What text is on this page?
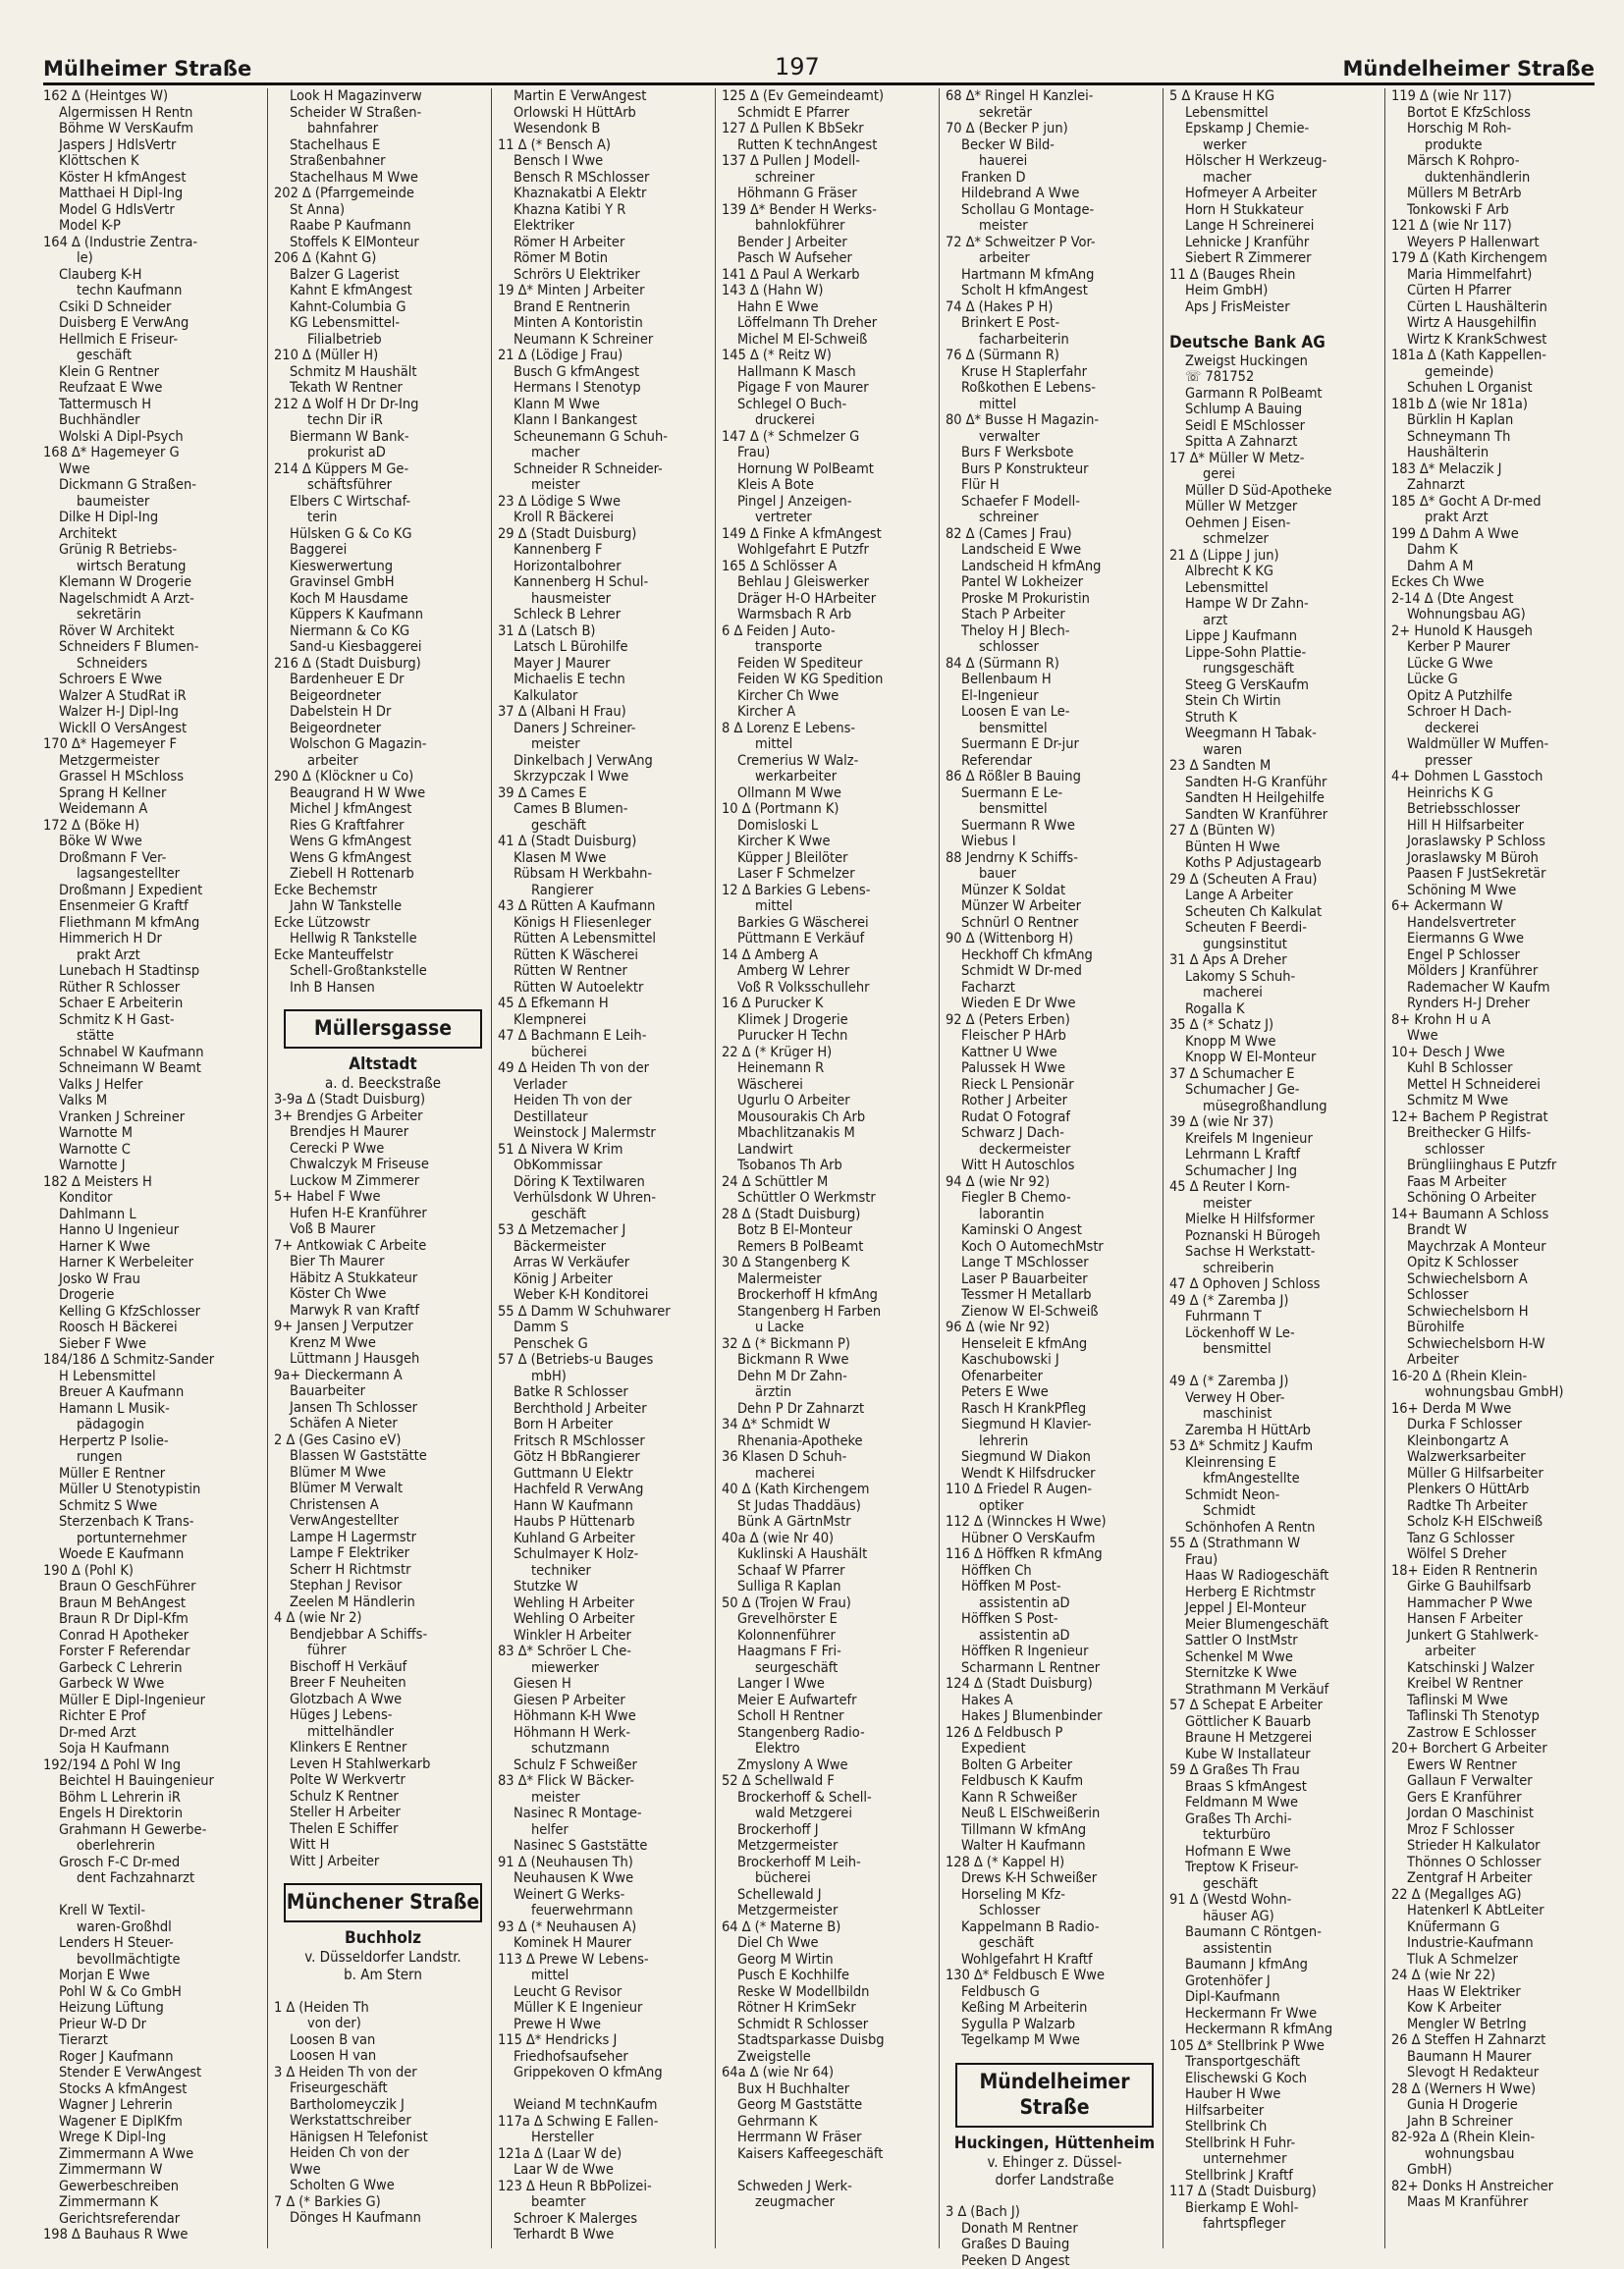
Mülheimer Straße	197	Mündelheimer Straße
162 ∆ (Heintges W)
Algermissen H Rentn
Böhme W VersKaufm
Jaspers J HdlsVertr
Klöttschen K
Köster H kfmAngest
Matthaei H Dipl-Ing
Model G HdlsVertr
Model K-P
164 ∆ (Industrie Zentra-
le)
Clauberg K-H
techn Kaufmann
Csiki D Schneider
Duisberg E VerwAng
Hellmich E Friseur-
geschäft
Klein G Rentner
Reufzaat E Wwe
Tattermusch H
Buchhändler
Wolski A Dipl-Psych
168 ∆* Hagemeyer G
Wwe
Dickmann G Straßen-
baumeister
Dilke H Dipl-Ing
Architekt
Grünig R Betriebs-
wirtsch Beratung
Klemann W Drogerie
Nagelschmidt A Arzt-
sekretärin
Röver W Architekt
Schneiders F Blumen-
Schneiders
Schroers E Wwe
Walzer A StudRat iR
Walzer H-J Dipl-Ing
Wickll O VersAngest
170 ∆* Hagemeyer F
Metzgermeister
Grassel H MSchloss
Sprang H Kellner
Weidemann A
172 ∆ (Böke H)
Böke W Wwe
Droßmann F Ver-
lagsangestellter
Droßmann J Expedient
Ensenmeier G Kraftf
Fliethmann M kfmAng
Himmerich H Dr
prakt Arzt
Lunebach H Stadtinsp
Rüther R Schlosser
Schaer E Arbeiterin
Schmitz K H Gast-
stätte
Schnabel W Kaufmann
Schneimann W Beamt
Valks J Helfer
Valks M
Vranken J Schreiner
Warnotte M
Warnotte C
Warnotte J
182 ∆ Meisters H
Konditor
Dahlmann L
Hanno U Ingenieur
Harner K Wwe
Harner K Werbeleiter
Josko W Frau
Drogerie
Kelling G KfzSchlosser
Roosch H Bäckerei
Sieber F Wwe
184/186 ∆ Schmitz-Sander
H Lebensmittel
Breuer A Kaufmann
Hamann L Musik-
pädagogin
Herpertz P Isolie-
rungen
Müller E Rentner
Müller U Stenotypistin
Schmitz S Wwe
Sterzenbach K Trans-
portunternehmer
Woede E Kaufmann
190 ∆ (Pohl K)
Braun O GeschFührer
Braun M BehAngest
Braun R Dr Dipl-Kfm
Conrad H Apotheker
Forster F Referendar
Garbeck C Lehrerin
Garbeck W Wwe
Müller E Dipl-Ingenieur
Richter E Prof
Dr-med Arzt
Soja H Kaufmann
192/194 ∆ Pohl W Ing
Beichtel H Bauingenieur
Böhm L Lehrerin iR
Engels H Direktorin
Grahmann H Gewerbe-
oberlehrerin
Grosch F-C Dr-med
dent Fachzahnarzt

Krell W Textil-
waren-Großhdl
Lenders H Steuer-
bevollmächtigte
Morjan E Wwe
Pohl W & Co GmbH
Heizung Lüftung
Prieur W-D Dr
Tierarzt
Roger J Kaufmann
Stender E VerwAngest
Stocks A kfmAngest
Wagner J Lehrerin
Wagener E DiplKfm
Wrege K Dipl-Ing
Zimmermann A Wwe
Zimmermann W
Gewerbeschreiben
Zimmermann K
Gerichtsreferendar
198 ∆ Bauhaus R Wwe
Look H Magazinverw
Scheider W Straßen-
bahnfahrer
Stachelhaus E
Straßenbahner
Stachelhaus M Wwe
202 ∆ (Pfarrgemeinde
St Anna)
Raabe P Kaufmann
Stoffels K ElMonteur
206 ∆ (Kahnt G)
Balzer G Lagerist
Kahnt E kfmAngest
Kahnt-Columbia G
KG Lebensmittel-
Filialbetrieb
210 ∆ (Müller H)
Schmitz M Haushält
Tekath W Rentner
212 ∆ Wolf H Dr Dr-Ing
techn Dir iR
Biermann W Bank-
prokurist aD
214 ∆ Küppers M Ge-
schäftsführer
Elbers C Wirtschaf-
terin
Hülsken G & Co KG
Baggerei
Kieswerwertung
Gravinsel GmbH
Koch M Hausdame
Küppers K Kaufmann
Niermann & Co KG
Sand-u Kiesbaggerei
216 ∆ (Stadt Duisburg)
Bardenheuer E Dr
Beigeordneter
Dabelstein H Dr
Beigeordneter
Wolschon G Magazin-
arbeiter
290 ∆ (Klöckner u Co)
Beaugrand H W Wwe
Michel J kfmAngest
Ries G Kraftfahrer
Wens G kfmAngest
Wens G kfmAngest
Ziebell H Rottenarb
Ecke Bechemstr
Jahn W Tankstelle
Ecke Lützowstr
Hellwig R Tankstelle
Ecke Manteuffelstr
Schell-Großtankstelle
Inh B Hansen
Müllersgasse
Altstadt
a. d. Beeckstraße
3-9a ∆ (Stadt Duisburg)
3+ Brendjes G Arbeiter
Brendjes H Maurer
Cerecki P Wwe
Chwalczyk M Friseuse
Luckow M Zimmerer
5+ Habel F Wwe
Hufen H-E Kranführer
Voß B Maurer
7+ Antkowiak C Arbeite
Bier Th Maurer
Häbitz A Stukkateur
Köster Ch Wwe
Marwyk R van Kraftf
9+ Jansen J Verputzer
Krenz M Wwe
Lüttmann J Hausgeh
9a+ Dieckermann A
Bauarbeiter
Jansen Th Schlosser
Schäfen A Nieter
2 ∆ (Ges Casino eV)
Blassen W Gaststätte
Blümer M Wwe
Blümer M Verwalt
Christensen A
VerwAngestellter
Lampe H Lagermstr
Lampe F Elektriker
Scherr H Richtmstr
Stephan J Revisor
Zeelen M Händlerin
4 ∆ (wie Nr 2)
Bendjebbar A Schiffs-
führer
Bischoff H Verkäuf
Breer F Neuheiten
Glotzbach A Wwe
Hüges J Lebens-
mittelhändler
Klinkers E Rentner
Leven H Stahlwerkarb
Polte W Werkvertr
Schulz K Rentner
Steller H Arbeiter
Thelen E Schiffer
Witt H
Witt J Arbeiter
Münchener Straße
Buchholz
v. Düsseldorfer Landstr.
b. Am Stern

1 ∆ (Heiden Th
von der)
Loosen B van
Loosen H van
3 ∆ Heiden Th von der
Friseurgeschäft
Bartholomeyczik J
Werkstattschreiber
Hänigsen H Telefonist
Heiden Ch von der
Wwe
Scholten G Wwe
7 ∆ (* Barkies G)
Dönges H Kaufmann
Martin E VerwAngest
Orlowski H HüttArb
Wesendonk B
11 ∆ (* Bensch A)
Bensch I Wwe
Bensch R MSchlosser
Khaznakatbi A Elektr
Khazna Katibi Y R
Elektriker
Römer H Arbeiter
Römer M Botin
Schrörs U Elektriker
19 ∆* Minten J Arbeiter
Brand E Rentnerin
Minten A Kontoristin
Neumann K Schreiner
21 ∆ (Lödige J Frau)
Busch G kfmAngest
Hermans I Stenotyp
Klann M Wwe
Klann I Bankangest
Scheunemann G Schuh-
macher
Schneider R Schneider-
meister
23 ∆ Lödige S Wwe
Kroll R Bäckerei
29 ∆ (Stadt Duisburg)
Kannenberg F
Horizontalbohrer
Kannenberg H Schul-
hausmeister
Schleck B Lehrer
31 ∆ (Latsch B)
Latsch L Bürohilfe
Mayer J Maurer
Michaelis E techn
Kalkulator
37 ∆ (Albani H Frau)
Daners J Schreiner-
meister
Dinkelbach J VerwAng
Skrzypczak I Wwe
39 ∆ Cames E
Cames B Blumen-
geschäft
41 ∆ (Stadt Duisburg)
Klasen M Wwe
Rübsam H Werkbahn-
Rangierer
43 ∆ Rütten A Kaufmann
Königs H Fliesenleger
Rütten A Lebensmittel
Rütten K Wäscherei
Rütten W Rentner
Rütten W Autoelektr
45 ∆ Efkemann H
Klempnerei
47 ∆ Bachmann E Leih-
bücherei
49 ∆ Heiden Th von der
Verlader
Heiden Th von der
Destillateur
Weinstock J Malermstr
51 ∆ Nivera W Krim
ObKommissar
Döring K Textilwaren
Verhülsdonk W Uhren-
geschäft
53 ∆ Metzemacher J
Bäckermeister
Arras W Verkäufer
König J Arbeiter
Weber K-H Konditorei
55 ∆ Damm W Schuhwarer
Damm S
Penschek G
57 ∆ (Betriebs-u Bauges
mbH)
Batke R Schlosser
Berchthold J Arbeiter
Born H Arbeiter
Fritsch R MSchlosser
Götz H BbRangierer
Guttmann U Elektr
Hachfeld R VerwAng
Hann W Kaufmann
Haubs P Hüttenarb
Kuhland G Arbeiter
Schulmayer K Holz-
techniker
Stutzke W
Wehling H Arbeiter
Wehling O Arbeiter
Winkler H Arbeiter
83 ∆* Schröer L Che-
miewerker
Giesen H
Giesen P Arbeiter
Höhmann K-H Wwe
Höhmann H Werk-
schutzmann
Schulz F Schweißer
83 ∆* Flick W Bäcker-
meister
Nasinec R Montage-
helfer
Nasinec S Gaststätte
91 ∆ (Neuhausen Th)
Neuhausen K Wwe
Weinert G Werks-
feuerwehrmann
93 ∆ (* Neuhausen A)
Kominek H Maurer
113 ∆ Prewe W Lebens-
mittel
Leucht G Revisor
Müller K E Ingenieur
Prewe H Wwe
115 ∆* Hendricks J
Friedhofsaufseher
Grippekoven O kfmAng

Weiand M technKaufm
117a ∆ Schwing E Fallen-
Hersteller
121a ∆ (Laar W de)
Laar W de Wwe
123 ∆ Heun R BbPolizei-
beamter
Schroer K Malerges
Terhardt B Wwe
125 ∆ (Ev Gemeindeamt)
Schmidt E Pfarrer
127 ∆ Pullen K BbSekr
Rutten K technAngest
137 ∆ Pullen J Modell-
schreiner
Höhmann G Fräser
139 ∆* Bender H Werks-
bahnlokführer
Bender J Arbeiter
Pasch W Aufseher
141 ∆ Paul A Werkarb
143 ∆ (Hahn W)
Hahn E Wwe
Löffelmann Th Dreher
Michel M El-Schweiß
145 ∆ (* Reitz W)
Hallmann K Masch
Pigage F von Maurer
Schlegel O Buch-
druckerei
147 ∆ (* Schmelzer G
Frau)
Hornung W PolBeamt
Kleis A Bote
Pingel J Anzeigen-
vertreter
149 ∆ Finke A kfmAngest
Wohlgefahrt E Putzfr
165 ∆ Schlösser A
Behlau J Gleiswerker
Dräger H-O HArbeiter
Warmsbach R Arb
6 ∆ Feiden J Auto-
transporte
Feiden W Spediteur
Feiden W KG Spedition
Kircher Ch Wwe
Kircher A
8 ∆ Lorenz E Lebens-
mittel
Cremerius W Walz-
werkarbeiter
Ollmann M Wwe
10 ∆ (Portmann K)
Domisloski L
Kircher K Wwe
Küpper J Bleilöter
Laser F Schmelzer
12 ∆ Barkies G Lebens-
mittel
Barkies G Wäscherei
Püttmann E Verkäuf
14 ∆ Amberg A
Amberg W Lehrer
Voß R Volksschullehr
16 ∆ Purucker K
Klimek J Drogerie
Purucker H Techn
22 ∆ (* Krüger H)
Heinemann R
Wäscherei
Ugurlu O Arbeiter
Mousourakis Ch Arb
Mbachlitzanakis M
Landwirt
Tsobanos Th Arb
24 ∆ Schüttler M
Schüttler O Werkmstr
28 ∆ (Stadt Duisburg)
Botz B El-Monteur
Remers B PolBeamt
30 ∆ Stangenberg K
Malermeister
Brockerhoff H kfmAng
Stangenberg H Farben
u Lacke
32 ∆ (* Bickmann P)
Bickmann R Wwe
Dehn M Dr Zahn-
ärztin
Dehn P Dr Zahnarzt
34 ∆* Schmidt W
Rhenania-Apotheke
36 Klasen D Schuh-
macherei
40 ∆ (Kath Kirchengem
St Judas Thaddäus)
Bünk A GärtnMstr
40a ∆ (wie Nr 40)
Kuklinski A Haushält
Schaaf W Pfarrer
Sulliga R Kaplan
50 ∆ (Trojen W Frau)
Grevelhörster E
Kolonnenführer
Haagmans F Fri-
seurgeschäft
Langer I Wwe
Meier E Aufwartefr
Scholl H Rentner
Stangenberg Radio-
Elektro
Zmyslony A Wwe
52 ∆ Schellwald F
Brockerhoff & Schell-
wald Metzgerei
Brockerhoff J
Metzgermeister
Brockerhoff M Leih-
bücherei
Schellewald J
Metzgermeister
64 ∆ (* Materne B)
Diel Ch Wwe
Georg M Wirtin
Pusch E Kochhilfe
Reske W Modellbildn
Rötner H KrimSekr
Schmidt R Schlosser
Stadtsparkasse Duisbg
Zweigstelle
64a ∆ (wie Nr 64)
Bux H Buchhalter
Georg M Gaststätte
Gehrmann K
Herrmann W Fräser
Kaisers Kaffeegeschäft

Schweden J Werk-
zeugmacher
68 ∆* Ringel H Kanzlei-
sekretär
70 ∆ (Becker P jun)
Becker W Bild-
hauerei
Franken D
Hildebrand A Wwe
Schollau G Montage-
meister
72 ∆* Schweitzer P Vor-
arbeiter
Hartmann M kfmAng
Scholt H kfmAngest
74 ∆ (Hakes P H)
Brinkert E Post-
facharbeiterin
76 ∆ (Sürmann R)
Kruse H Staplerfahr
Roßkothen E Lebens-
mittel
80 ∆* Busse H Magazin-
verwalter
Burs F Werksbote
Burs P Konstrukteur
Flür H
Schaefer F Modell-
schreiner
82 ∆ (Cames J Frau)
Landscheid E Wwe
Landscheid H kfmAng
Pantel W Lokheizer
Proske M Prokuristin
Stach P Arbeiter
Theloy H J Blech-
schlosser
84 ∆ (Sürmann R)
Bellenbaum H
El-Ingenieur
Loosen E van Le-
bensmittel
Suermann E Dr-jur
Referendar
86 ∆ Rößler B Bauing
Suermann E Le-
bensmittel
Suermann R Wwe
Wiebus I
88 Jendrny K Schiffs-
bauer
Münzer K Soldat
Münzer W Arbeiter
Schnürl O Rentner
90 ∆ (Wittenborg H)
Heckhoff Ch kfmAng
Schmidt W Dr-med
Facharzt
Wieden E Dr Wwe
92 ∆ (Peters Erben)
Fleischer P HArb
Kattner U Wwe
Palussek H Wwe
Rieck L Pensionär
Rother J Arbeiter
Rudat O Fotograf
Schwarz J Dach-
deckermeister
Witt H Autoschlos
94 ∆ (wie Nr 92)
Fiegler B Chemo-
laborantin
Kaminski O Angest
Koch O AutomechMstr
Lange T MSchlosser
Laser P Bauarbeiter
Tessmer H Metallarb
Zienow W El-Schweiß
96 ∆ (wie Nr 92)
Henseleit E kfmAng
Kaschubowski J
Ofenarbeiter
Peters E Wwe
Rasch H KrankPfleg
Siegmund H Klavier-
lehrerin
Siegmund W Diakon
Wendt K Hilfsdrucker
110 ∆ Friedel R Augen-
optiker
112 ∆ (Winnckes H Wwe)
Hübner O VersKaufm
116 ∆ Höffken R kfmAng
Höffken Ch
Höffken M Post-
assistentin aD
Höffken S Post-
assistentin aD
Höffken R Ingenieur
Scharmann L Rentner
124 ∆ (Stadt Duisburg)
Hakes A
Hakes J Blumenbinder
126 ∆ Feldbusch P
Expedient
Bolten G Arbeiter
Feldbusch K Kaufm
Kann R Schweißer
Neuß L ElSchweißerin
Tillmann W kfmAng
Walter H Kaufmann
128 ∆ (* Kappel H)
Drews K-H Schweißer
Horseling M Kfz-
Schlosser
Kappelmann B Radio-
geschäft
Wohlgefahrt H Kraftf
130 ∆* Feldbusch E Wwe
Feldbusch G
Keßing M Arbeiterin
Sygulla P Walzarb
Tegelkamp M Wwe
Mündelheimer Straße
Huckingen, Hüttenheim
v. Ehinger z. Düssel-
dorfer Landstraße

3 ∆ (Bach J)
Donath M Rentner
Graßes D Bauing
Peeken D Angest
5 ∆ Krause H KG
Lebensmittel
Epskamp J Chemie-
werker
Hölscher H Werkzeug-
macher
Hofmeyer A Arbeiter
Horn H Stukkateur
Lange H Schreinerei
Lehnicke J Kranführ
Siebert R Zimmerer
11 ∆ (Bauges Rhein
Heim GmbH)
Aps J FrisMeister

Deutsche Bank AG
Zweigst Huckingen
☏ 781752
Garmann R PolBeamt
Schlump A Bauing
Seidl E MSchlosser
Spitta A Zahnarzt
17 ∆* Müller W Metz-
gerei
Müller D Süd-Apotheke
Müller W Metzger
Oehmen J Eisen-
schmelzer
21 ∆ (Lippe J jun)
Albrecht K KG
Lebensmittel
Hampe W Dr Zahn-
arzt
Lippe J Kaufmann
Lippe-Sohn Plattie-
rungsgeschäft
Steeg G VersKaufm
Stein Ch Wirtin
Struth K
Weegmann H Tabak-
waren
23 ∆ Sandten M
Sandten H-G Kranführ
Sandten H Heilgehilfe
Sandten W Kranführer
27 ∆ (Bünten W)
Bünten H Wwe
Koths P Adjustagearb
29 ∆ (Scheuten A Frau)
Lange A Arbeiter
Scheuten Ch Kalkulat
Scheuten F Beerdi-
gungsinstitut
31 ∆ Aps A Dreher
Lakomy S Schuh-
macherei
Rogalla K
35 ∆ (* Schatz J)
Knopp M Wwe
Knopp W El-Monteur
37 ∆ Schumacher E
Schumacher J Ge-
müsegroßhandlung
39 ∆ (wie Nr 37)
Kreifels M Ingenieur
Lehrmann L Kraftf
Schumacher J Ing
45 ∆ Reuter I Korn-
meister
Mielke H Hilfsformer
Poznanski H Bürogeh
Sachse H Werkstatt-
schreiberin
47 ∆ Ophoven J Schloss
49 ∆ (* Zaremba J)
Fuhrmann T
Löckenhoff W Le-
bensmittel

49 ∆ (* Zaremba J)
Verwey H Ober-
maschinist
Zaremba H HüttArb
53 ∆* Schmitz J Kaufm
Kleinrensing E
kfmAngestellte
Schmidt Neon-
Schmidt
Schönhofen A Rentn
55 ∆ (Strathmann W
Frau)
Haas W Radiogeschäft
Herberg E Richtmstr
Jeppel J El-Monteur
Meier Blumengeschäft
Sattler O InstMstr
Schenkel M Wwe
Sternitzke K Wwe
Strathmann M Verkäuf
57 ∆ Schepat E Arbeiter
Göttlicher K Bauarb
Braune H Metzgerei
Kube W Installateur
59 ∆ Graßes Th Frau
Braas S kfmAngest
Feldmann M Wwe
Graßes Th Archi-
tekturbüro
Hofmann E Wwe
Treptow K Friseur-
geschäft
91 ∆ (Westd Wohn-
häuser AG)
Baumann C Röntgen-
assistentin
Baumann J kfmAng
Grotenhöfer J
Dipl-Kaufmann
Heckermann Fr Wwe
Heckermann R kfmAng
105 ∆* Stellbrink P Wwe
Transportgeschäft
Elischewski G Koch
Hauber H Wwe
Hilfsarbeiter
Stellbrink Ch
Stellbrink H Fuhr-
unternehmer
Stellbrink J Kraftf
117 ∆ (Stadt Duisburg)
Bierkamp E Wohl-
fahrtspfleger
119 ∆ (wie Nr 117)
Bortot E KfzSchloss
Horschig M Roh-
produkte
Märsch K Rohpro-
duktenhändlerin
Müllers M BetrArb
Tonkowski F Arb
121 ∆ (wie Nr 117)
Weyers P Hallenwart
179 ∆ (Kath Kirchengem
Maria Himmelfahrt)
Cürten H Pfarrer
Cürten L Haushälterin
Wirtz A Hausgehilfin
Wirtz K KrankSchwest
181a ∆ (Kath Kappellen-
gemeinde)
Schuhen L Organist
181b ∆ (wie Nr 181a)
Bürklin H Kaplan
Schneymann Th
Haushälterin
183 ∆* Melaczik J
Zahnarzt
185 ∆* Gocht A Dr-med
prakt Arzt
199 ∆ Dahm A Wwe
Dahm K
Dahm A M
Eckes Ch Wwe
2-14 ∆ (Dte Angest
Wohnungsbau AG)
2+ Hunold K Hausgeh
Kerber P Maurer
Lücke G Wwe
Lücke G
Opitz A Putzhilfe
Schroer H Dach-
deckerei
Waldmüller W Muffen-
presser
4+ Dohmen L Gasstoch
Heinrichs K G
Betriebsschlosser
Hill H Hilfsarbeiter
Joraslawsky P Schloss
Joraslawsky M Büroh
Paasen F JustSekretär
Schöning M Wwe
6+ Ackermann W
Handelsvertreter
Eiermanns G Wwe
Engel P Schlosser
Mölders J Kranführer
Rademacher W Kaufm
Rynders H-J Dreher
8+ Krohn H u A
Wwe
10+ Desch J Wwe
Kuhl B Schlosser
Mettel H Schneiderei
Schmitz M Wwe
12+ Bachem P Registrat
Breithecker G Hilfs-
schlosser
Brüngliinghaus E Putzfr
Faas M Arbeiter
Schöning O Arbeiter
14+ Baumann A Schloss
Brandt W
Maychrzak A Monteur
Opitz K Schlosser
Schwiechelsborn A
Schlosser
Schwiechelsborn H
Bürohilfe
Schwiechelsborn H-W
Arbeiter
16-20 ∆ (Rhein Klein-
wohnungsbau GmbH)
16+ Derda M Wwe
Durka F Schlosser
Kleinbongartz A
Walzwerksarbeiter
Müller G Hilfsarbeiter
Plenkers O HüttArb
Radtke Th Arbeiter
Scholz K-H ElSchweiß
Tanz G Schlosser
Wölfel S Dreher
18+ Eiden R Rentnerin
Girke G Bauhilfsarb
Hammacher P Wwe
Hansen F Arbeiter
Junkert G Stahlwerk-
arbeiter
Katschinski J Walzer
Kreibel W Rentner
Taflinski M Wwe
Taflinski Th Stenotyp
Zastrow E Schlosser
20+ Borchert G Arbeiter
Ewers W Rentner
Gallaun F Verwalter
Gers E Kranführer
Jordan O Maschinist
Mroz F Schlosser
Strieder H Kalkulator
Thönnes O Schlosser
Zentgraf H Arbeiter
22 ∆ (Megallges AG)
Hatenkerl K AbtLeiter
Knüfermann G
Industrie-Kaufmann
Tluk A Schmelzer
24 ∆ (wie Nr 22)
Haas W Elektriker
Kow K Arbeiter
Mengler W Betrlng
26 ∆ Steffen H Zahnarzt
Baumann H Maurer
Slevogt H Redakteur
28 ∆ (Werners H Wwe)
Gunia H Drogerie
Jahn B Schreiner
82-92a ∆ (Rhein Klein-
wohnungsbau
GmbH)
82+ Donks H Anstreicher
Maas M Kranführer
